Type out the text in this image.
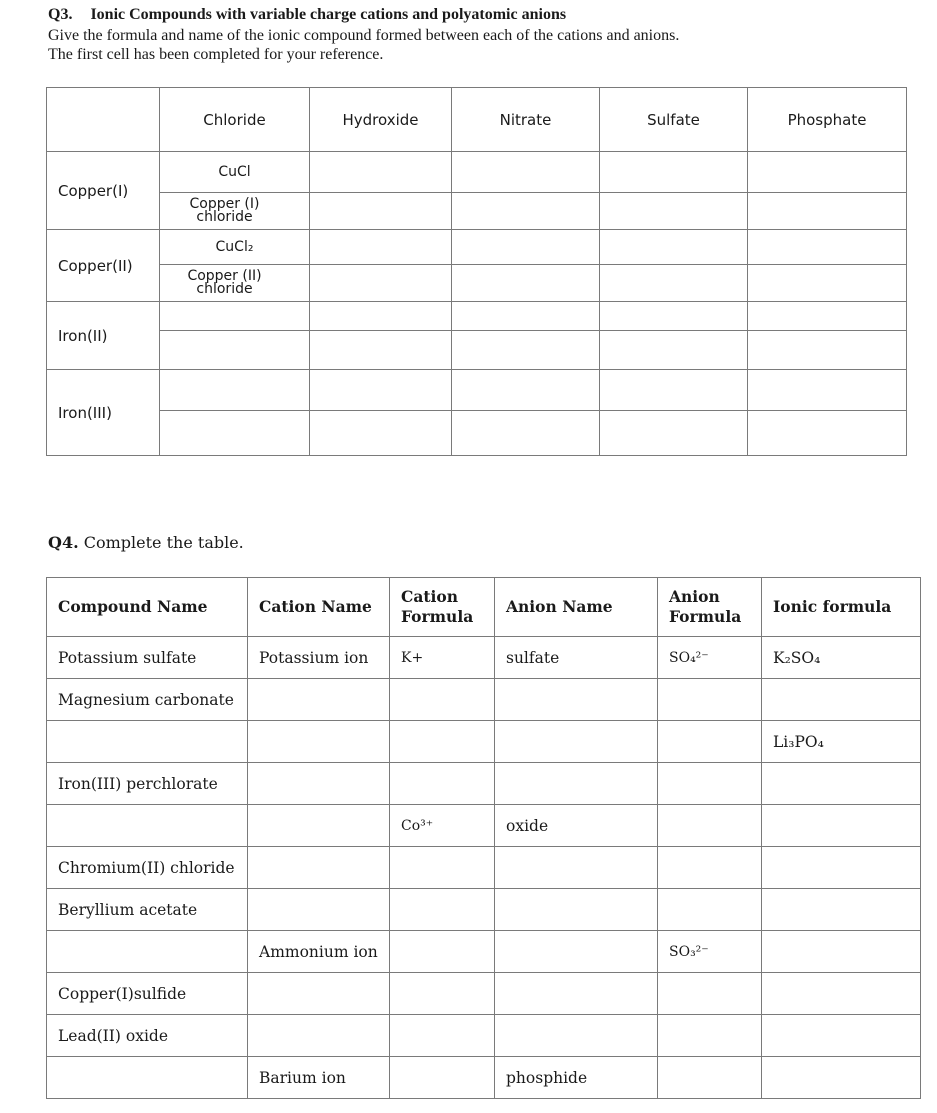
Q3. Ionic Compounds with variable charge cations and polyatomic anions
Give the formula and name of the ionic compound formed between each of the cations and anions.
The first cell has been completed for your reference.
	Chloride	Hydroxide	Nitrate	Sulfate	Phosphate
Copper(I)	CuCl				
	Copper (I) chloride				
Copper(II)	CuCl₂				
	Copper (II) chloride				
Iron(II)					

Iron(III)					

Q4. Complete the table.
Compound Name	Cation Name	Cation Formula	Anion Name	Anion Formula	Ionic formula
Potassium sulfate	Potassium ion	K+	sulfate	SO₄²⁻	K₂SO₄
Magnesium carbonate					
					Li₃PO₄
Iron(III) perchlorate					
		Co³⁺	oxide		
Chromium(II) chloride					
Beryllium acetate					
	Ammonium ion			SO₃²⁻	
Copper(I)sulfide					
Lead(II) oxide					
	Barium ion		phosphide		
